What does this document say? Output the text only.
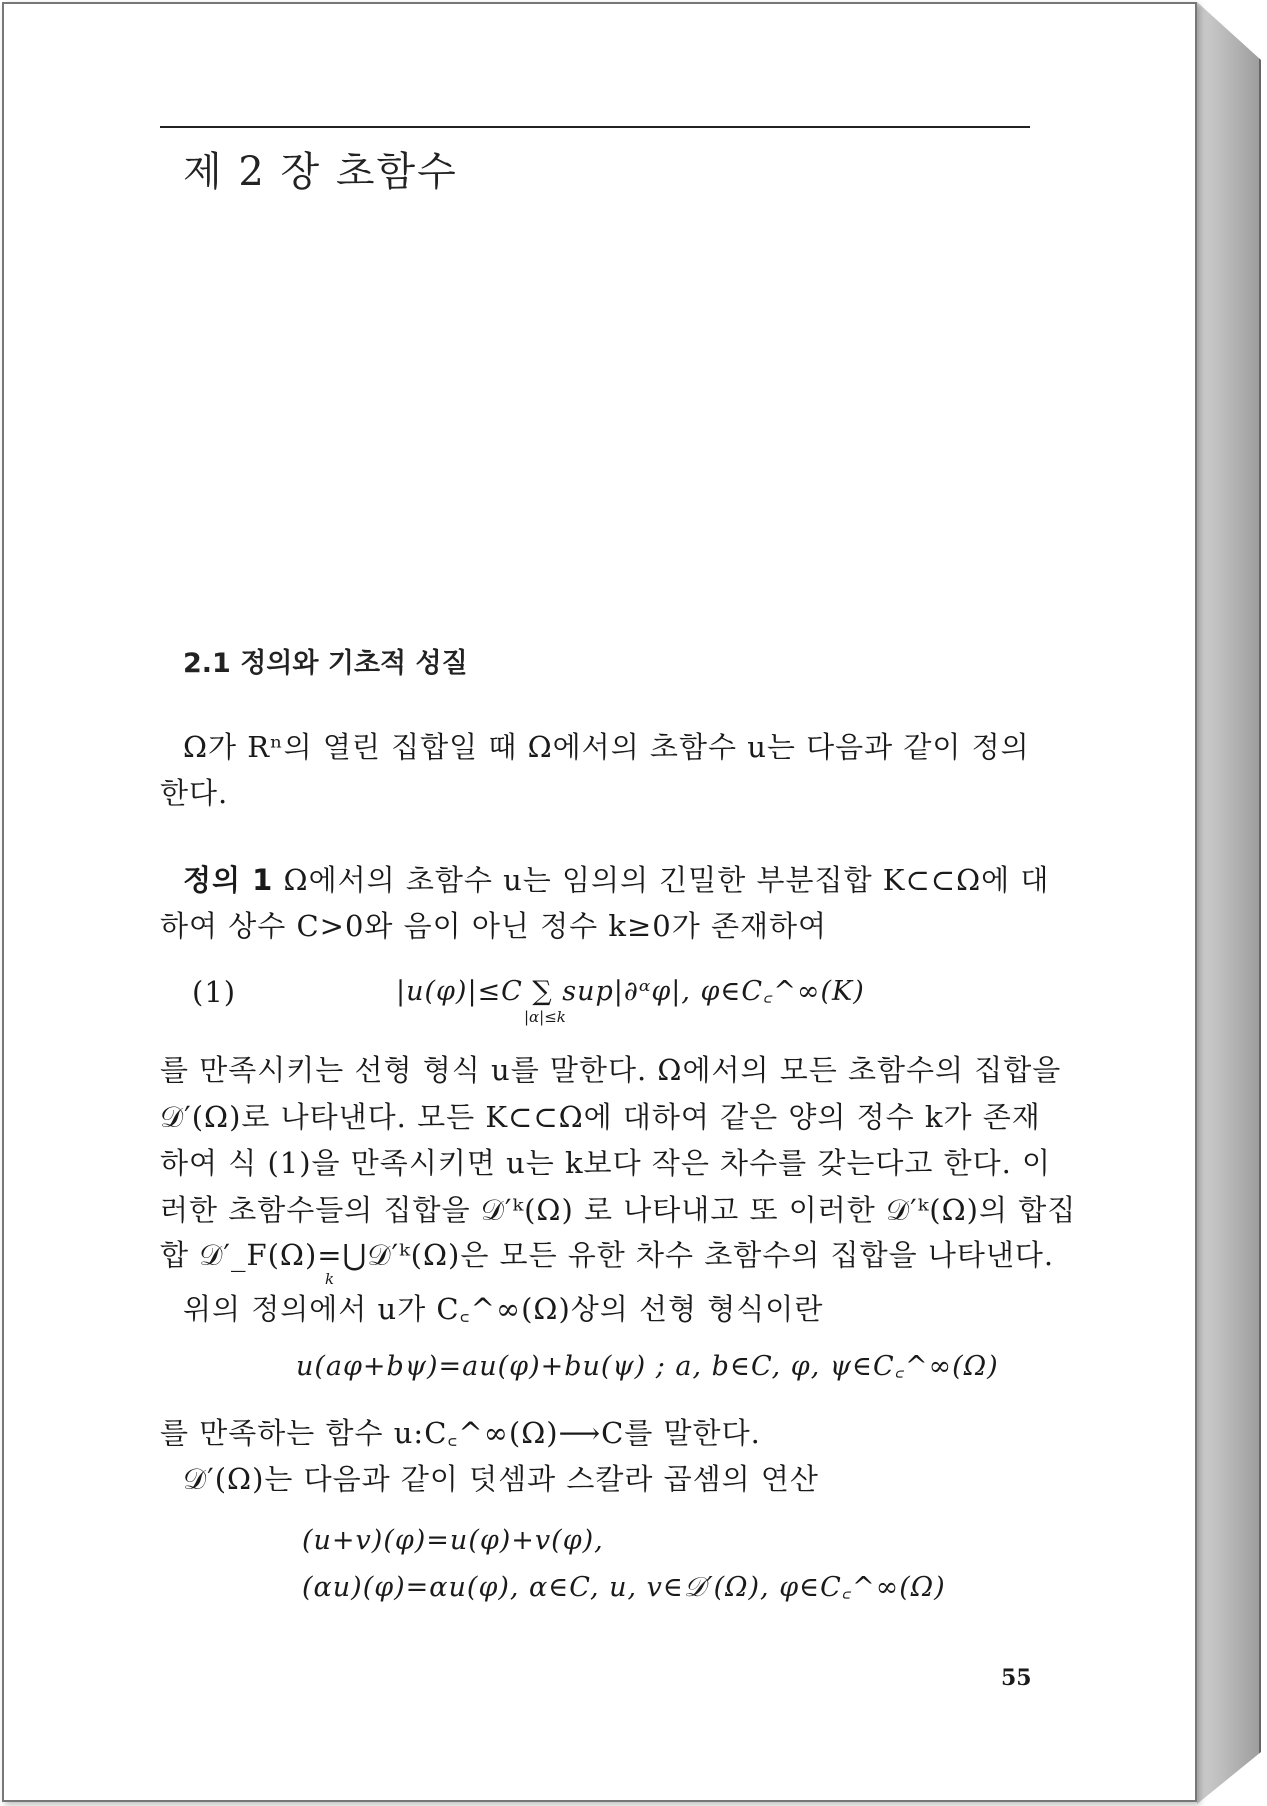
제 2 장 초함수
2.1 정의와 기초적 성질
Ω가 Rⁿ의 열린 집합일 때 Ω에서의 초함수 u는 다음과 같이 정의
한다.
정의 1 Ω에서의 초함수 u는 임의의 긴밀한 부분집합 K⊂⊂Ω에 대
하여 상수 C>0와 음이 아닌 정수 k≥0가 존재하여
(1)	|u(φ)|≤C ∑ sup|∂ᵅφ|, φ∈C꜀^∞(K)
|α|≤k
를 만족시키는 선형 형식 u를 말한다. Ω에서의 모든 초함수의 집합을
𝒟′(Ω)로 나타낸다. 모든 K⊂⊂Ω에 대하여 같은 양의 정수 k가 존재
하여 식 (1)을 만족시키면 u는 k보다 작은 차수를 갖는다고 한다. 이
러한 초함수들의 집합을 𝒟′ᵏ(Ω) 로 나타내고 또 이러한 𝒟′ᵏ(Ω)의 합집
합 𝒟′_F(Ω)=⋃𝒟′ᵏ(Ω)은 모든 유한 차수 초함수의 집합을 나타낸다.
k
위의 정의에서 u가 C꜀^∞(Ω)상의 선형 형식이란
u(aφ+bψ)=au(φ)+bu(ψ) ; a, b∈C, φ, ψ∈C꜀^∞(Ω)
를 만족하는 함수 u:C꜀^∞(Ω)⟶C를 말한다.
𝒟′(Ω)는 다음과 같이 덧셈과 스칼라 곱셈의 연산
(u+v)(φ)=u(φ)+v(φ),
(αu)(φ)=αu(φ), α∈C, u, v∈𝒟′(Ω), φ∈C꜀^∞(Ω)
55
